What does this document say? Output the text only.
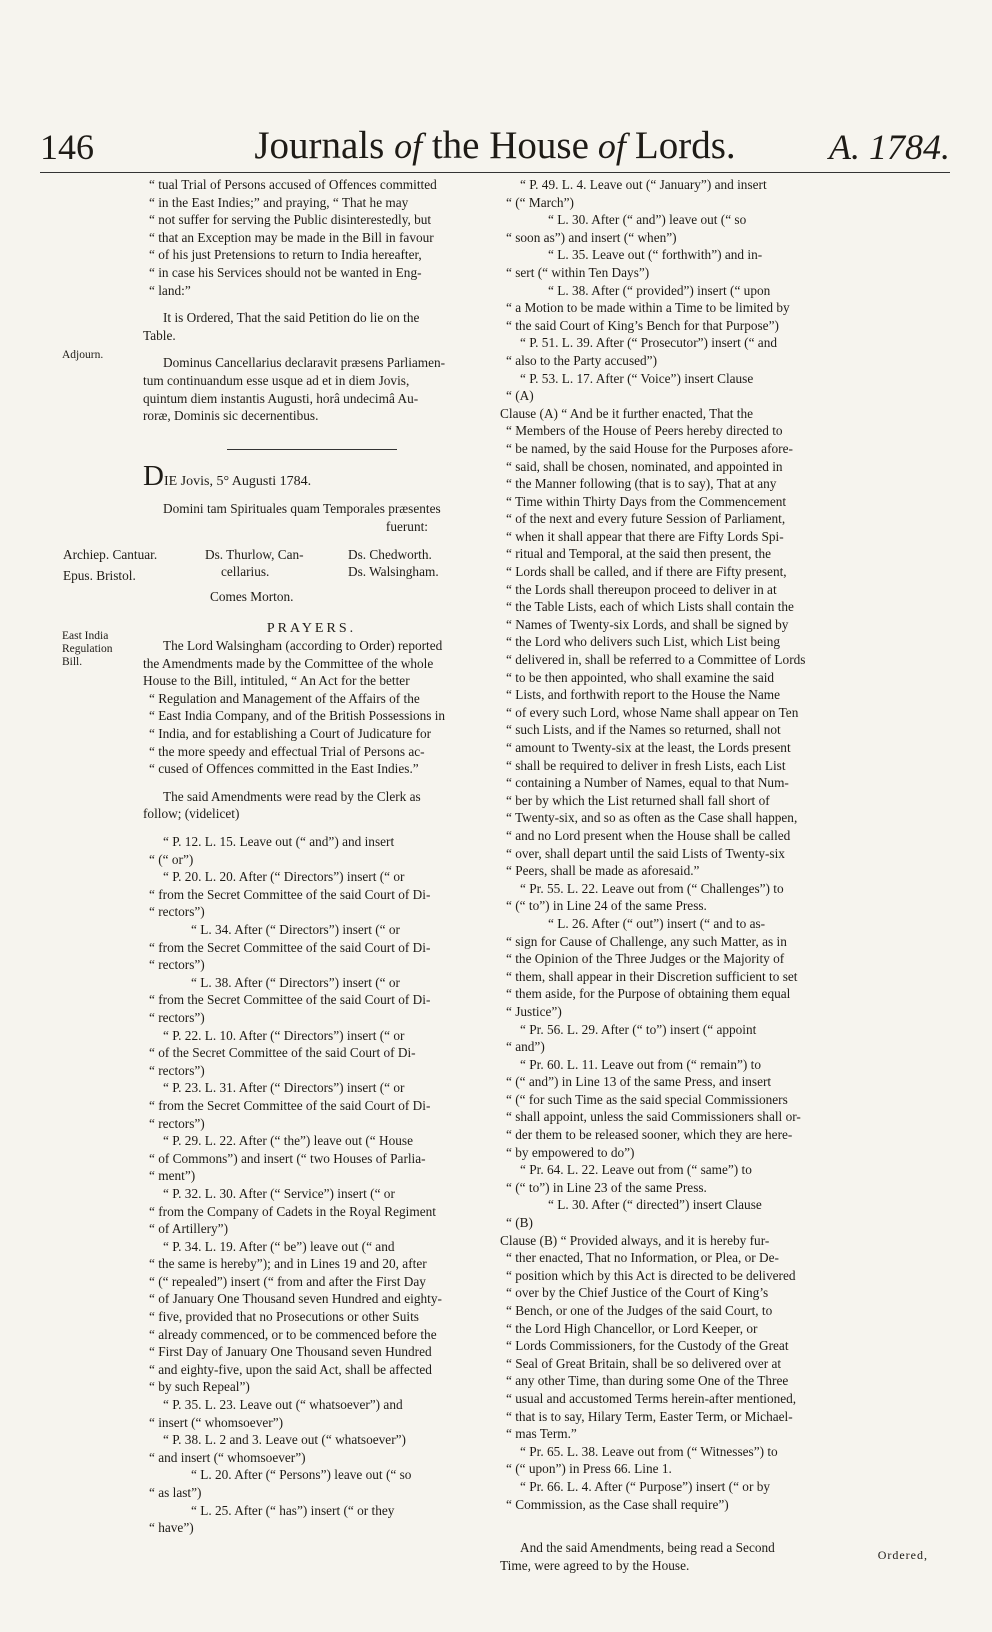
146	Journals of the House of Lords.	A. 1784.
Adjourn.
East India
Regulation
Bill.

“ tual Trial of Persons accused of Offences committed

“ in the East Indies;” and praying, “ That he may

“ not suffer for serving the Public disinterestedly, but

“ that an Exception may be made in the Bill in favour

“ of his just Pretensions to return to India hereafter,

“ in case his Services should not be wanted in Eng-

“ land:”

It is Ordered, That the said Petition do lie on the

Table.

Dominus Cancellarius declaravit præsens Parliamen-

tum continuandum esse usque ad et in diem Jovis,

quintum diem instantis Augusti, horâ undecimâ Au-

roræ, Dominis sic decernentibus.

DIE Jovis, 5° Augusti 1784.

Domini tam Spirituales quam Temporales præsentes

fuerunt:

Archiep. Cantuar.
Epus. Bristol.
Ds. Thurlow, Can-
cellarius.
Ds. Chedworth.
Ds. Walsingham.
Comes Morton.

PRAYERS.

The Lord Walsingham (according to Order) reported

the Amendments made by the Committee of the whole

House to the Bill, intituled, “ An Act for the better

“ Regulation and Management of the Affairs of the

“ East India Company, and of the British Possessions in

“ India, and for establishing a Court of Judicature for

“ the more speedy and effectual Trial of Persons ac-

“ cused of Offences committed in the East Indies.”

The said Amendments were read by the Clerk as

follow; (videlicet)

“ P. 12. L. 15. Leave out (“ and”) and insert

“ (“ or”)

“ P. 20. L. 20. After (“ Directors”) insert (“ or

“ from the Secret Committee of the said Court of Di-

“ rectors”)

“ L. 34. After (“ Directors”) insert (“ or

“ from the Secret Committee of the said Court of Di-

“ rectors”)

“ L. 38. After (“ Directors”) insert (“ or

“ from the Secret Committee of the said Court of Di-

“ rectors”)

“ P. 22. L. 10. After (“ Directors”) insert (“ or

“ of the Secret Committee of the said Court of Di-

“ rectors”)

“ P. 23. L. 31. After (“ Directors”) insert (“ or

“ from the Secret Committee of the said Court of Di-

“ rectors”)

“ P. 29. L. 22. After (“ the”) leave out (“ House

“ of Commons”) and insert (“ two Houses of Parlia-

“ ment”)

“ P. 32. L. 30. After (“ Service”) insert (“ or

“ from the Company of Cadets in the Royal Regiment

“ of Artillery”)

“ P. 34. L. 19. After (“ be”) leave out (“ and

“ the same is hereby”); and in Lines 19 and 20, after

“ (“ repealed”) insert (“ from and after the First Day

“ of January One Thousand seven Hundred and eighty-

“ five, provided that no Prosecutions or other Suits

“ already commenced, or to be commenced before the

“ First Day of January One Thousand seven Hundred

“ and eighty-five, upon the said Act, shall be affected

“ by such Repeal”)

“ P. 35. L. 23. Leave out (“ whatsoever”) and

“ insert (“ whomsoever”)

“ P. 38. L. 2 and 3. Leave out (“ whatsoever”)

“ and insert (“ whomsoever”)

“ L. 20. After (“ Persons”) leave out (“ so

“ as last”)

“ L. 25. After (“ has”) insert (“ or they

“ have”)

“ P. 49. L. 4. Leave out (“ January”) and insert

“ (“ March”)

“ L. 30. After (“ and”) leave out (“ so

“ soon as”) and insert (“ when”)

“ L. 35. Leave out (“ forthwith”) and in-

“ sert (“ within Ten Days”)

“ L. 38. After (“ provided”) insert (“ upon

“ a Motion to be made within a Time to be limited by

“ the said Court of King’s Bench for that Purpose”)

“ P. 51. L. 39. After (“ Prosecutor”) insert (“ and

“ also to the Party accused”)

“ P. 53. L. 17. After (“ Voice”) insert Clause

“ (A)

Clause (A) “ And be it further enacted, That the

“ Members of the House of Peers hereby directed to

“ be named, by the said House for the Purposes afore-

“ said, shall be chosen, nominated, and appointed in

“ the Manner following (that is to say), That at any

“ Time within Thirty Days from the Commencement

“ of the next and every future Session of Parliament,

“ when it shall appear that there are Fifty Lords Spi-

“ ritual and Temporal, at the said then present, the

“ Lords shall be called, and if there are Fifty present,

“ the Lords shall thereupon proceed to deliver in at

“ the Table Lists, each of which Lists shall contain the

“ Names of Twenty-six Lords, and shall be signed by

“ the Lord who delivers such List, which List being

“ delivered in, shall be referred to a Committee of Lords

“ to be then appointed, who shall examine the said

“ Lists, and forthwith report to the House the Name

“ of every such Lord, whose Name shall appear on Ten

“ such Lists, and if the Names so returned, shall not

“ amount to Twenty-six at the least, the Lords present

“ shall be required to deliver in fresh Lists, each List

“ containing a Number of Names, equal to that Num-

“ ber by which the List returned shall fall short of

“ Twenty-six, and so as often as the Case shall happen,

“ and no Lord present when the House shall be called

“ over, shall depart until the said Lists of Twenty-six

“ Peers, shall be made as aforesaid.”

“ Pr. 55. L. 22. Leave out from (“ Challenges”) to

“ (“ to”) in Line 24 of the same Press.

“ L. 26. After (“ out”) insert (“ and to as-

“ sign for Cause of Challenge, any such Matter, as in

“ the Opinion of the Three Judges or the Majority of

“ them, shall appear in their Discretion sufficient to set

“ them aside, for the Purpose of obtaining them equal

“ Justice”)

“ Pr. 56. L. 29. After (“ to”) insert (“ appoint

“ and”)

“ Pr. 60. L. 11. Leave out from (“ remain”) to

“ (“ and”) in Line 13 of the same Press, and insert

“ (“ for such Time as the said special Commissioners

“ shall appoint, unless the said Commissioners shall or-

“ der them to be released sooner, which they are here-

“ by empowered to do”)

“ Pr. 64. L. 22. Leave out from (“ same”) to

“ (“ to”) in Line 23 of the same Press.

“ L. 30. After (“ directed”) insert Clause

“ (B)

Clause (B) “ Provided always, and it is hereby fur-

“ ther enacted, That no Information, or Plea, or De-

“ position which by this Act is directed to be delivered

“ over by the Chief Justice of the Court of King’s

“ Bench, or one of the Judges of the said Court, to

“ the Lord High Chancellor, or Lord Keeper, or

“ Lords Commissioners, for the Custody of the Great

“ Seal of Great Britain, shall be so delivered over at

“ any other Time, than during some One of the Three

“ usual and accustomed Terms herein-after mentioned,

“ that is to say, Hilary Term, Easter Term, or Michael-

“ mas Term.”

“ Pr. 65. L. 38. Leave out from (“ Witnesses”) to

“ (“ upon”) in Press 66. Line 1.

“ Pr. 66. L. 4. After (“ Purpose”) insert (“ or by

“ Commission, as the Case shall require”)

And the said Amendments, being read a Second

Time, were agreed to by the House.

Ordered,
